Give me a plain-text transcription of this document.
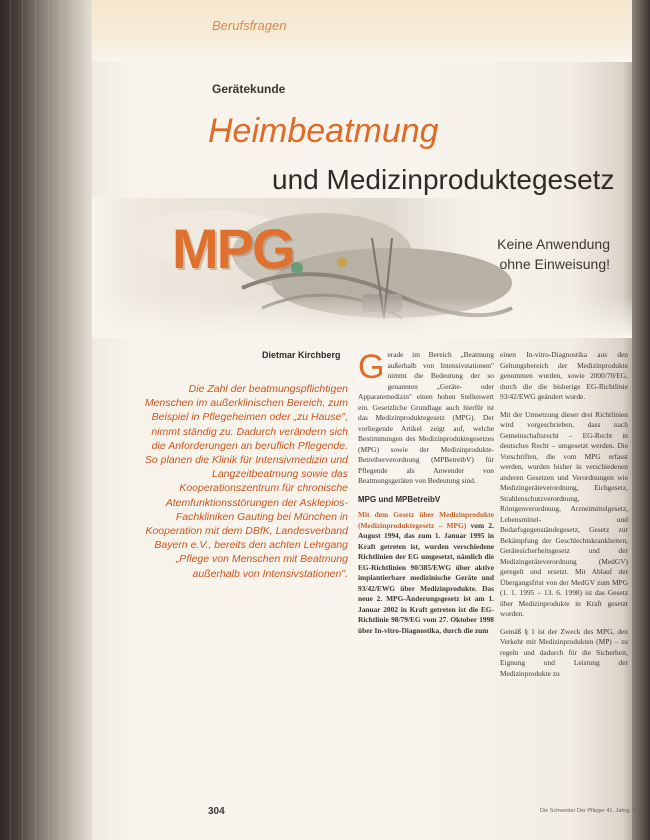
Berufsfragen
Gerätekunde
Heimbeatmung
und Medizinproduktegesetz
MPG	Keine Anwendung
ohne Einweisung!
Dietmar Kirchberg
Die Zahl der beatmungspflichtigen Menschen im außerklinischen Bereich, zum Beispiel in Pflegeheimen oder „zu Hause", nimmt ständig zu. Dadurch verändern sich die Anforderungen an beruflich Pflegende. So planen die Klinik für Intensivmedizin und Langzeitbeatmung sowie das Kooperationszentrum für chronische Atemfunktionsstörungen der Asklepios-Fachkliniken Gauting bei München in Kooperation mit dem DBfK, Landesverband Bayern e.V., bereits den achten Lehrgang „Pflege von Menschen mit Beatmung außerhalb von Intensivstationen".

Gerade im Bereich „Beatmung außerhalb von Intensivstationen" nimmt die Bedeutung der so genannten „Geräte- oder Apparatemedizin" einen hohen Stellenwert ein. Gesetzliche Grundlage auch hierfür ist das Medizinproduktegesetz (MPG). Der vorliegende Artikel zeigt auf, welche Bestimmungen des Medizinproduktegesetzes (MPG) sowie der Medizinprodukte-Betreiberverordnung (MPBetreibV) für Pflegende als Anwender von Beatmungsgeräten von Bedeutung sind.

MPG und MPBetreibV

Mit dem Gesetz über Medizinprodukte (Medizinproduktegesetz – MPG) vom 2. August 1994, das zum 1. Januar 1995 in Kraft getreten ist, wurden verschiedene Richtlinien der EG umgesetzt, nämlich die EG-Richtlinien 90/385/EWG über aktive implantierbare medizinische Geräte und 93/42/EWG über Medizinprodukte. Das neue 2. MPG-Änderungsgesetz ist am 1. Januar 2002 in Kraft getreten ist die EG-Richtlinie 98/79/EG vom 27. Oktober 1998 über In-vitro-Diagnostika, durch die zum

einen In-vitro-Diagnostika aus den Geltungsbereich der Medizinprodukte genommen wurden, sowie 2000/70/EG, durch die die bisherige EG-Richtlinie 93/42/EWG geändert wurde.

Mit der Umsetzung dieser drei Richtlinien wird vorgeschrieben, dass nach Gemeinschaftsrecht – EG-Recht in deutsches Recht – umgesetzt werden. Die Vorschriften, die vom MPG erfasst werden, wurden bisher in verschiedenen anderen Gesetzen und Verordnungen wie Medizingeräteverordnung, Eichgesetz, Strahlenschutzverordnung, Röntgenverordnung, Arzneimittelgesetz, Lebensmittel- und Bedarfsgegenständegesetz, Gesetz zur Bekämpfung der Geschlechtskrankheiten, Gerätesicherheitsgesetz und der Medizingeräteverordnung (MedGV) geregelt und ersetzt. Mit Ablauf der Übergangsfrist von der MedGV zum MPG (1. 1. 1995 – 13. 6. 1998) ist das Gesetz über Medizinprodukte in Kraft gesetzt worden.

Gemäß § 1 ist der Zweck des MPG, den Verkehr mit Medizinprodukten (MP) – zu regeln und dadurch für die Sicherheit, Eignung und Leistung der Medizinprodukte zu

304	Die Schwester Der Pfleger 41. Jahrg. 4/02
